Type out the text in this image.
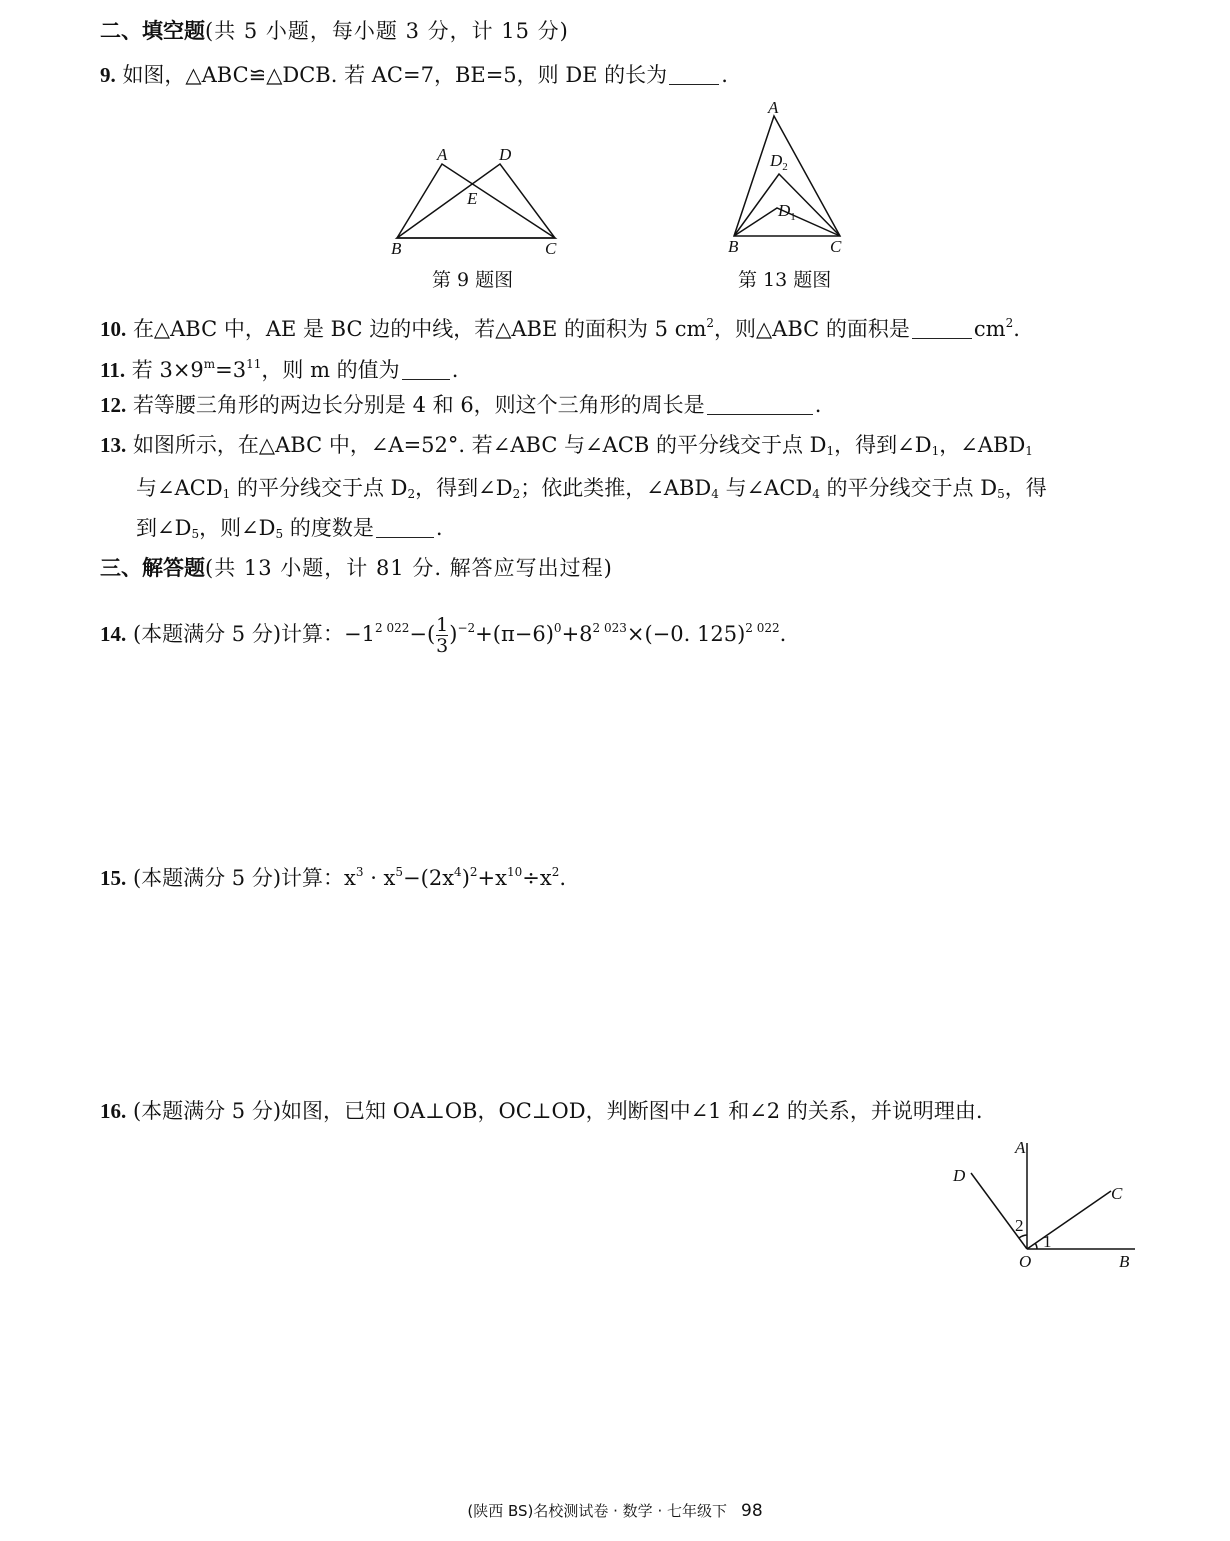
二、填空题(共 5 小题，每小题 3 分，计 15 分)
9. 如图，△ABC≌△DCB. 若 AC=7，BE=5，则 DE 的长为	.
A	D
E
B	C
第 9 题图
A
$D_2$
$D_1$
B	C
第 13 题图
10. 在△ABC 中，AE 是 BC 边的中线，若△ABE 的面积为 5 $cm^2$，则△ABC 的面积是	$cm^2$.
11. 若 $3\times 9^m=3^{11}$，则 m 的值为 .
12. 若等腰三角形的两边长分别是 4 和 6，则这个三角形的周长是	.
13. 如图所示，在△ABC 中，∠A=52°. 若∠ABC 与∠ACB 的平分线交于点 $D_1$，得到$\angle D_1$，$\angle ABD_1$
与$\angle ACD_1$ 的平分线交于点 $D_2$，得到$\angle D_2$；依此类推，$\angle ABD_4$ 与$\angle ACD_4$ 的平分线交于点 $D_5$，得
到$\angle D_5$，则$\angle D_5$ 的度数是	.
三、解答题(共 13 小题，计 81 分. 解答应写出过程)
14. (本题满分 5 分)计算：$-1^{2 022}-( \frac{1}{3} )^{-2}+(\pi-6)^0+8^{2 023}\times(-0$. 125)$^{2 022}$.
15. (本题满分 5 分)计算：$x^3 \cdot x^5-(2x^4)^2+x^{10}\div x^2$.
16. (本题满分 5 分)如图，已知 OA⊥OB，OC⊥OD，判断图中∠1 和∠2 的关系，并说明理由.
A
D
C
O	B
1
2
(陕西 BS)名校测试卷 · 数学 · 七年级下 98
